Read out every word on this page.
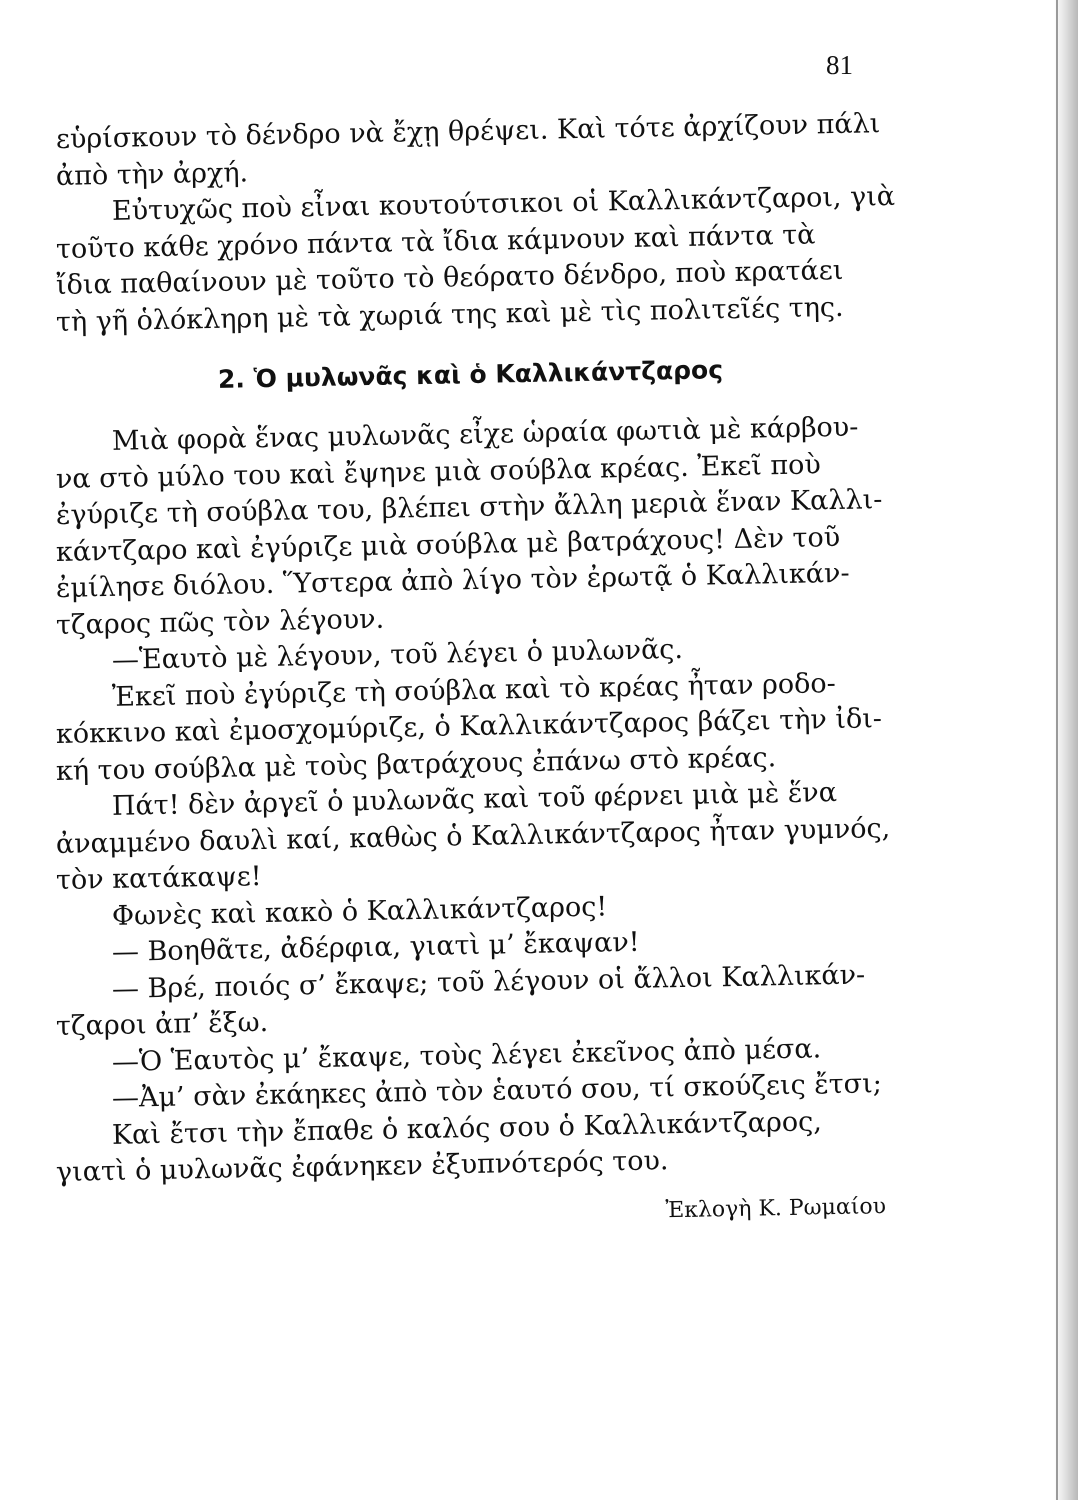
81
εὑρίσκουν τὸ δένδρο νὰ ἔχῃ θρέψει. Καὶ τότε ἀρχίζουν πάλι
ἀπὸ τὴν ἀρχή.
Εὐτυχῶς ποὺ εἶναι κουτούτσικοι οἱ Καλλικάντζαροι, γιὰ
τοῦτο κάθε χρόνο πάντα τὰ ἴδια κάμνουν καὶ πάντα τὰ
ἴδια παθαίνουν μὲ τοῦτο τὸ θεόρατο δένδρο, ποὺ κρατάει
τὴ γῆ ὁλόκληρη μὲ τὰ χωριά της καὶ μὲ τὶς πολιτεῖές της.
2. Ὁ μυλωνᾶς καὶ ὁ Καλλικάντζαρος
Μιὰ φορὰ ἕνας μυλωνᾶς εἶχε ὡραία φωτιὰ μὲ κάρβου-
να στὸ μύλο του καὶ ἔψηνε μιὰ σούβλα κρέας. Ἐκεῖ ποὺ
ἐγύριζε τὴ σούβλα του, βλέπει στὴν ἄλλη μεριὰ ἕναν Καλλι-
κάντζαρο καὶ ἐγύριζε μιὰ σούβλα μὲ βατράχους! Δὲν τοῦ
ἐμίλησε διόλου. Ὕστερα ἀπὸ λίγο τὸν ἐρωτᾷ ὁ Καλλικάν-
τζαρος πῶς τὸν λέγουν.
—Ἑαυτὸ μὲ λέγουν, τοῦ λέγει ὁ μυλωνᾶς.
Ἐκεῖ ποὺ ἐγύριζε τὴ σούβλα καὶ τὸ κρέας ἦταν ροδο-
κόκκινο καὶ ἐμοσχομύριζε, ὁ Καλλικάντζαρος βάζει τὴν ἰδι-
κή του σούβλα μὲ τοὺς βατράχους ἐπάνω στὸ κρέας.
Πάτ! δὲν ἀργεῖ ὁ μυλωνᾶς καὶ τοῦ φέρνει μιὰ μὲ ἕνα
ἀναμμένο δαυλὶ καί, καθὼς ὁ Καλλικάντζαρος ἦταν γυμνός,
τὸν κατάκαψε!
Φωνὲς καὶ κακὸ ὁ Καλλικάντζαρος!
— Βοηθᾶτε, ἀδέρφια, γιατὶ μ’ ἔκαψαν!
— Βρέ, ποιός σ’ ἔκαψε; τοῦ λέγουν οἱ ἄλλοι Καλλικάν-
τζαροι ἀπ’ ἔξω.
—Ὁ Ἑαυτὸς μ’ ἔκαψε, τοὺς λέγει ἐκεῖνος ἀπὸ μέσα.
—Ἀμ’ σὰν ἐκάηκες ἀπὸ τὸν ἑαυτό σου, τί σκούζεις ἔτσι;
Καὶ ἔτσι τὴν ἔπαθε ὁ καλός σου ὁ Καλλικάντζαρος,
γιατὶ ὁ μυλωνᾶς ἐφάνηκεν ἐξυπνότερός του.
Ἐκλογὴ Κ. Ρωμαίου
